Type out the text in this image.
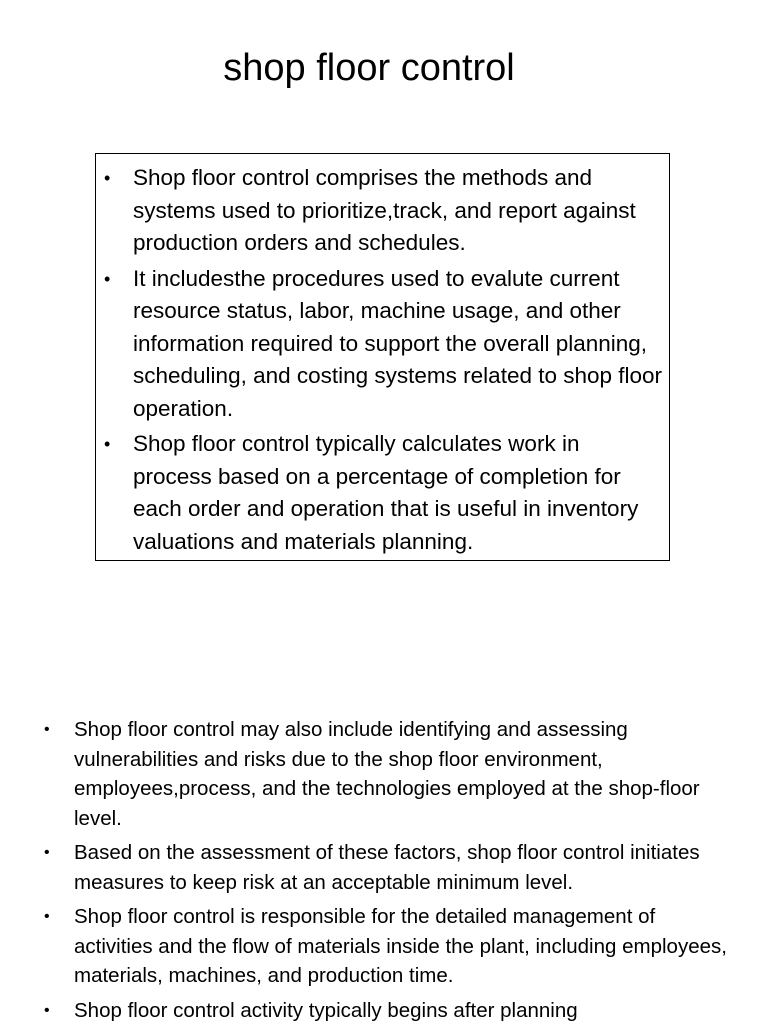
shop floor control
• Shop floor control comprises the methods and systems used to prioritize,track, and report against production orders and schedules.
• It includesthe procedures used to evalute current resource status, labor, machine usage, and other information required to support the overall planning, scheduling, and costing systems related to shop floor operation.
• Shop floor control typically calculates work in process based on a percentage of completion for each order and operation that is useful in inventory valuations and materials planning.
• Shop floor control may also include identifying and assessing vulnerabilities and risks due to the shop floor environment, employees,process, and the technologies employed at the shop-floor level.
• Based on the assessment of these factors, shop floor control initiates measures to keep risk at an acceptable minimum level.
• Shop floor control is responsible for the detailed management of activities and the flow of materials inside the plant, including employees, materials, machines, and production time.
• Shop floor control activity typically begins after planning
